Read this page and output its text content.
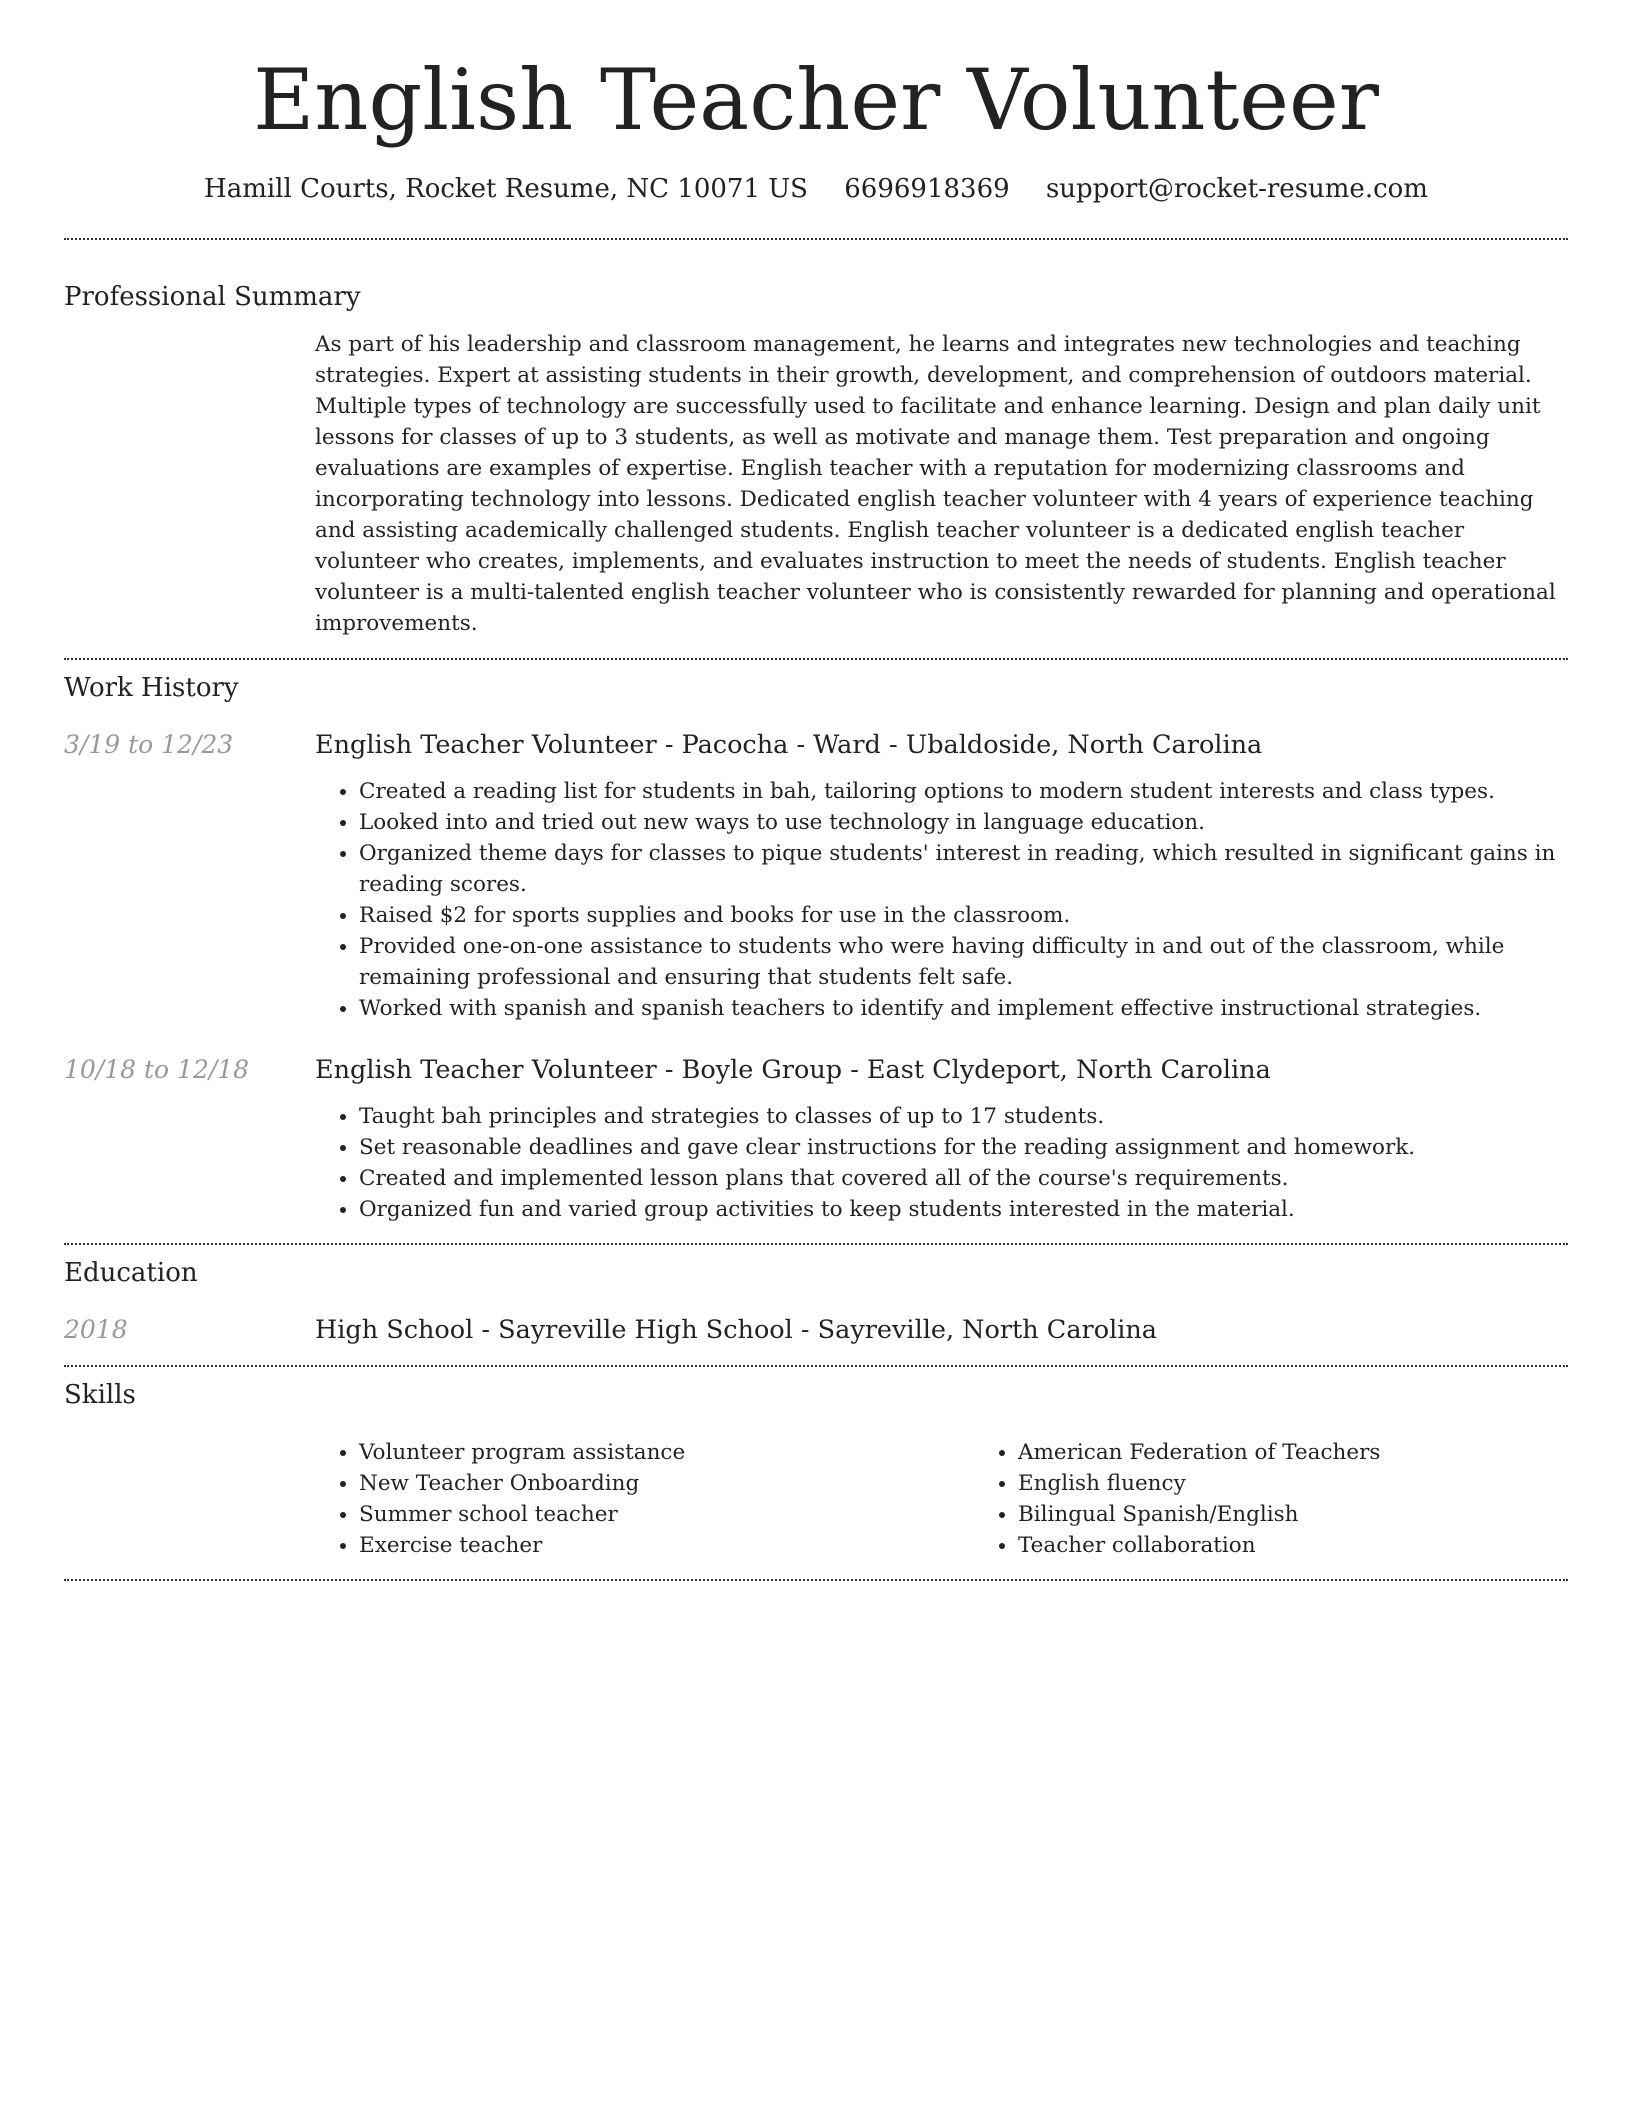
English Teacher Volunteer
Hamill Courts, Rocket Resume, NC 10071 US 6696918369 support@rocket-resume.com
Professional Summary

As part of his leadership and classroom management, he learns and integrates new technologies and teaching strategies. Expert at assisting students in their growth, development, and comprehension of outdoors material. Multiple types of technology are successfully used to facilitate and enhance learning. Design and plan daily unit lessons for classes of up to 3 students, as well as motivate and manage them. Test preparation and ongoing evaluations are examples of expertise. English teacher with a reputation for modernizing classrooms and incorporating technology into lessons. Dedicated english teacher volunteer with 4 years of experience teaching and assisting academically challenged students. English teacher volunteer is a dedicated english teacher volunteer who creates, implements, and evaluates instruction to meet the needs of students. English teacher volunteer is a multi-talented english teacher volunteer who is consistently rewarded for planning and operational improvements.

Work History
3/19 to 12/23	English Teacher Volunteer - Pacocha - Ward - Ubaldoside, North Carolina
• Created a reading list for students in bah, tailoring options to modern student interests and class types.
• Looked into and tried out new ways to use technology in language education.
• Organized theme days for classes to pique students' interest in reading, which resulted in significant gains in reading scores.
• Raised $2 for sports supplies and books for use in the classroom.
• Provided one-on-one assistance to students who were having difficulty in and out of the classroom, while remaining professional and ensuring that students felt safe.
• Worked with spanish and spanish teachers to identify and implement effective instructional strategies.
10/18 to 12/18	English Teacher Volunteer - Boyle Group - East Clydeport, North Carolina
• Taught bah principles and strategies to classes of up to 17 students.
• Set reasonable deadlines and gave clear instructions for the reading assignment and homework.
• Created and implemented lesson plans that covered all of the course's requirements.
• Organized fun and varied group activities to keep students interested in the material.
Education
2018	High School - Sayreville High School - Sayreville, North Carolina
Skills
• Volunteer program assistance
• New Teacher Onboarding
• Summer school teacher
• Exercise teacher
• American Federation of Teachers
• English fluency
• Bilingual Spanish/English
• Teacher collaboration
